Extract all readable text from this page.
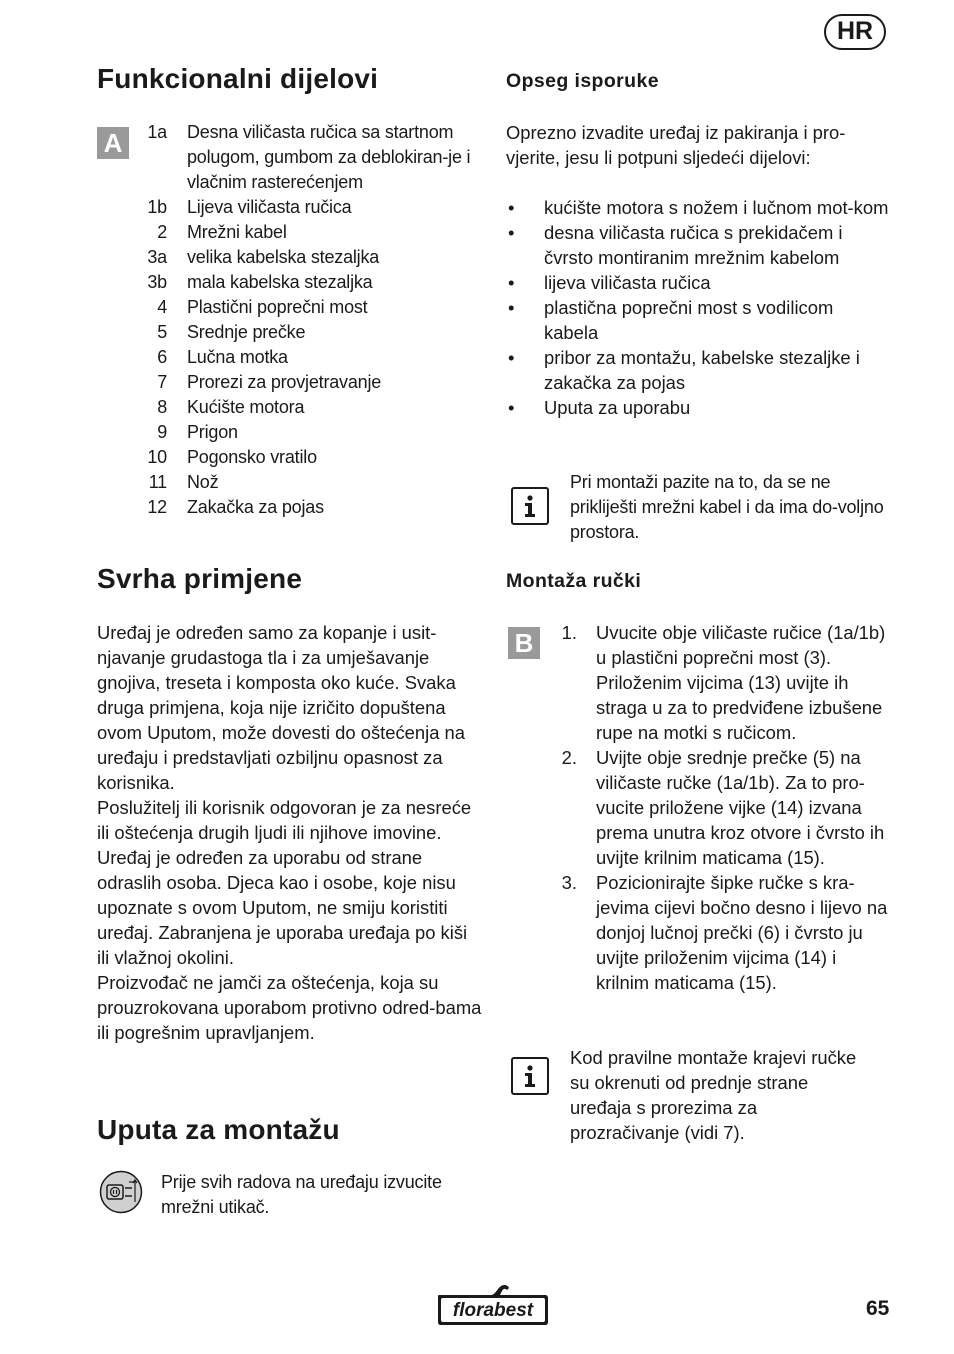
HR
Funkcionalni dijelovi
A	1a	Desna viličasta ručica sa startnom polugom, gumbom za deblokiran-je i vlačnim rasterećenjem
1b	Lijeva viličasta ručica
2	Mrežni kabel
3a	velika kabelska stezaljka
3b	mala kabelska stezaljka
4	Plastični poprečni most
5	Srednje prečke
6	Lučna motka
7	Prorezi za provjetravanje
8	Kućište motora
9	Prigon
10	Pogonsko vratilo
11	Nož
12	Zakačka za pojas
Svrha primjene
Uređaj je određen samo za kopanje i usit-njavanje grudastoga tla i za umješavanje gnojiva, treseta i komposta oko kuće. Svaka druga primjena, koja nije izričito dopuštena ovom Uputom, može dovesti do oštećenja na uređaju i predstavljati ozbiljnu opasnost za korisnika.
Poslužitelj ili korisnik odgovoran je za nesreće ili oštećenja drugih ljudi ili njihove imovine.
Uređaj je određen za uporabu od strane odraslih osoba. Djeca kao i osobe, koje nisu upoznate s ovom Uputom, ne smiju koristiti uređaj. Zabranjena je uporaba uređaja po kiši ili vlažnoj okolini.
Proizvođač ne jamči za oštećenja, koja su prouzrokovana uporabom protivno odred-bama ili pogrešnim upravljanjem.
Uputa za montažu
Prije svih radova na uređaju izvucite mrežni utikač.
Opseg isporuke
Oprezno izvadite uređaj iz pakiranja i pro-vjerite, jesu li potpuni sljedeći dijelovi:
•	kućište motora s nožem i lučnom mot-kom
•	desna viličasta ručica s prekidačem i čvrsto montiranim mrežnim kabelom
•	lijeva viličasta ručica
•	plastična poprečni most s vodilicom kabela
•	pribor za montažu, kabelske stezaljke i zakačka za pojas
•	Uputa za uporabu
Pri montaži pazite na to, da se ne prikliješti mrežni kabel i da ima do-voljno prostora.
Montaža ručki
B	1.	Uvucite obje viličaste ručice (1a/1b) u plastični poprečni most (3). Priloženim vijcima (13) uvijte ih straga u za to predviđene izbušene rupe na motki s ručicom.
2.	Uvijte obje srednje prečke (5) na viličaste ručke (1a/1b). Za to pro-vucite priložene vijke (14) izvana prema unutra kroz otvore i čvrsto ih uvijte krilnim maticama (15).
3.	Pozicionirajte šipke ručke s kra-jevima cijevi bočno desno i lijevo na donjoj lučnoj prečki (6) i čvrsto ju uvijte priloženim vijcima (14) i krilnim maticama (15).
Kod pravilne montaže krajevi ručke su okrenuti od prednje strane uređaja s prorezima za prozračivanje (vidi 7).
florabest	65
